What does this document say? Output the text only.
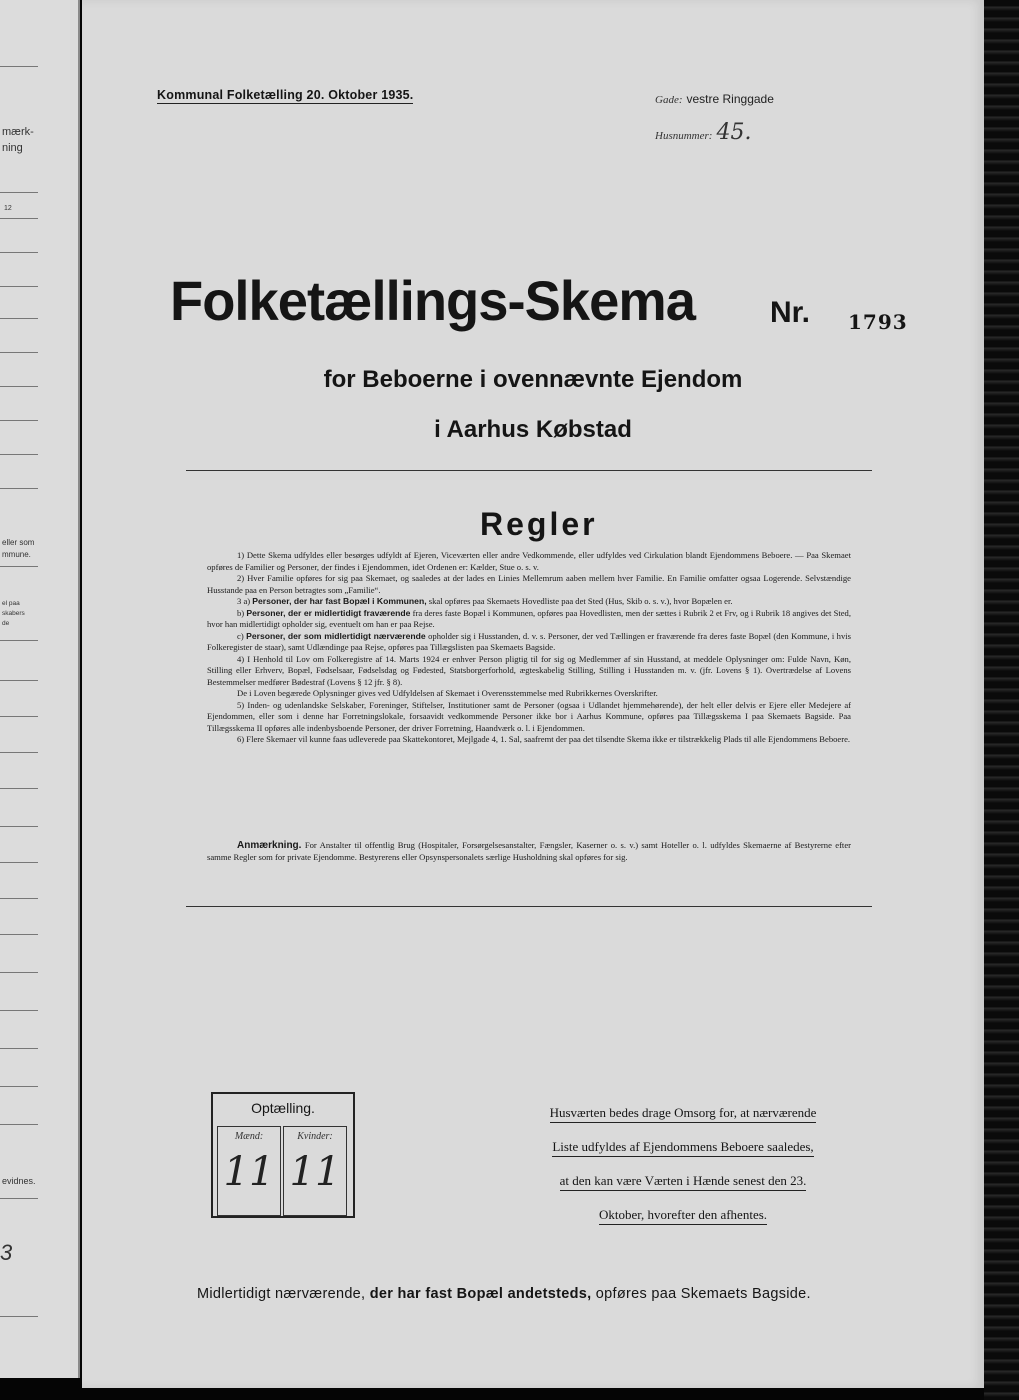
mærk-
ning
12
eller som
mmune.
el paa
skabers
de
evidnes.
3
Kommunal Folketælling 20. Oktober 1935.	Gade: vestre Ringgade
Husnummer: 45.
Folketællings-Skema	Nr. 1793
for Beboerne i ovennævnte Ejendom
i Aarhus Købstad
Regler

1) Dette Skema udfyldes eller besørges udfyldt af Ejeren, Viceværten eller andre Vedkommende, eller udfyldes ved Cirkulation blandt Ejendommens Beboere. — Paa Skemaet opføres de Familier og Personer, der findes i Ejendommen, idet Ordenen er: Kælder, Stue o. s. v.

2) Hver Familie opføres for sig paa Skemaet, og saaledes at der lades en Linies Mellemrum aaben mellem hver Familie. En Familie omfatter ogsaa Logerende. Selvstændige Husstande paa en Person betragtes som „Familie“.

3 a) Personer, der har fast Bopæl i Kommunen, skal opføres paa Skemaets Hovedliste paa det Sted (Hus, Skib o. s. v.), hvor Bopælen er.

b) Personer, der er midlertidigt fraværende fra deres faste Bopæl i Kommunen, opføres paa Hovedlisten, men der sættes i Rubrik 2 et Frv, og i Rubrik 18 angives det Sted, hvor han midlertidigt opholder sig, eventuelt om han er paa Rejse.

c) Personer, der som midlertidigt nærværende opholder sig i Husstanden, d. v. s. Personer, der ved Tællingen er fraværende fra deres faste Bopæl (den Kommune, i hvis Folkeregister de staar), samt Udlændinge paa Rejse, opføres paa Tillægslisten paa Skemaets Bagside.

4) I Henhold til Lov om Folkeregistre af 14. Marts 1924 er enhver Person pligtig til for sig og Medlemmer af sin Husstand, at meddele Oplysninger om: Fulde Navn, Køn, Stilling eller Erhverv, Bopæl, Fødselsaar, Fødselsdag og Fødested, Statsborgerforhold, ægteskabelig Stilling, Stilling i Husstanden m. v. (jfr. Lovens § 1). Overtrædelse af Lovens Bestemmelser medfører Bødestraf (Lovens § 12 jfr. § 8).

De i Loven begærede Oplysninger gives ved Udfyldelsen af Skemaet i Overensstemmelse med Rubrikkernes Overskrifter.

5) Inden- og udenlandske Selskaber, Foreninger, Stiftelser, Institutioner samt de Personer (ogsaa i Udlandet hjemmehørende), der helt eller delvis er Ejere eller Medejere af Ejendommen, eller som i denne har Forretningslokale, forsaavidt vedkommende Personer ikke bor i Aarhus Kommune, opføres paa Tillægsskema I paa Skemaets Bagside. Paa Tillægsskema II opføres alle indenbysboende Personer, der driver Forretning, Haandværk o. l. i Ejendommen.

6) Flere Skemaer vil kunne faas udleverede paa Skattekontoret, Mejlgade 4, 1. Sal, saafremt der paa det tilsendte Skema ikke er tilstrækkelig Plads til alle Ejendommens Beboere.

Anmærkning. For Anstalter til offentlig Brug (Hospitaler, Forsørgelsesanstalter, Fængsler, Kaserner o. s. v.) samt Hoteller o. l. udfyldes Skemaerne af Bestyrerne efter samme Regler som for private Ejendomme. Bestyrerens eller Opsynspersonalets særlige Husholdning skal opføres for sig.
Optælling.
Mænd:
11
Kvinder:
11
Husværten bedes drage Omsorg for, at nærværende
Liste udfyldes af Ejendommens Beboere saaledes,
at den kan være Værten i Hænde senest den 23.
Oktober, hvorefter den afhentes.
Midlertidigt nærværende, der har fast Bopæl andetsteds, opføres paa Skemaets Bagside.
